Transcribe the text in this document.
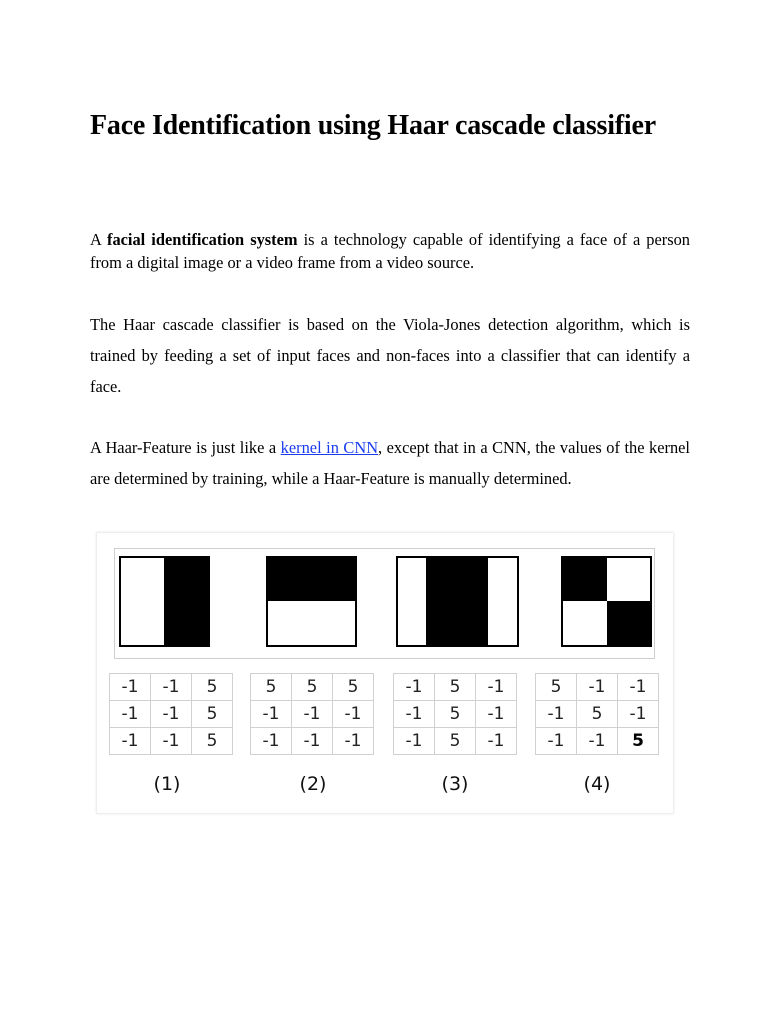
Face Identification using Haar cascade classifier

A facial identification system is a technology capable of identifying a face of a person from a digital image or a video frame from a video source.

The Haar cascade classifier is based on the Viola-Jones detection algorithm, which is trained by feeding a set of input faces and non-faces into a classifier that can identify a face.

A Haar-Feature is just like a kernel in CNN, except that in a CNN, the values of the kernel are determined by training, while a Haar-Feature is manually determined.

-1	-1	5
-1	-1	5
-1	-1	5
5	5	5
-1	-1	-1
-1	-1	-1
-1	5	-1
-1	5	-1
-1	5	-1
5	-1	-1
-1	5	-1
-1	-1	5
(1)	(2)	(3)	(4)
